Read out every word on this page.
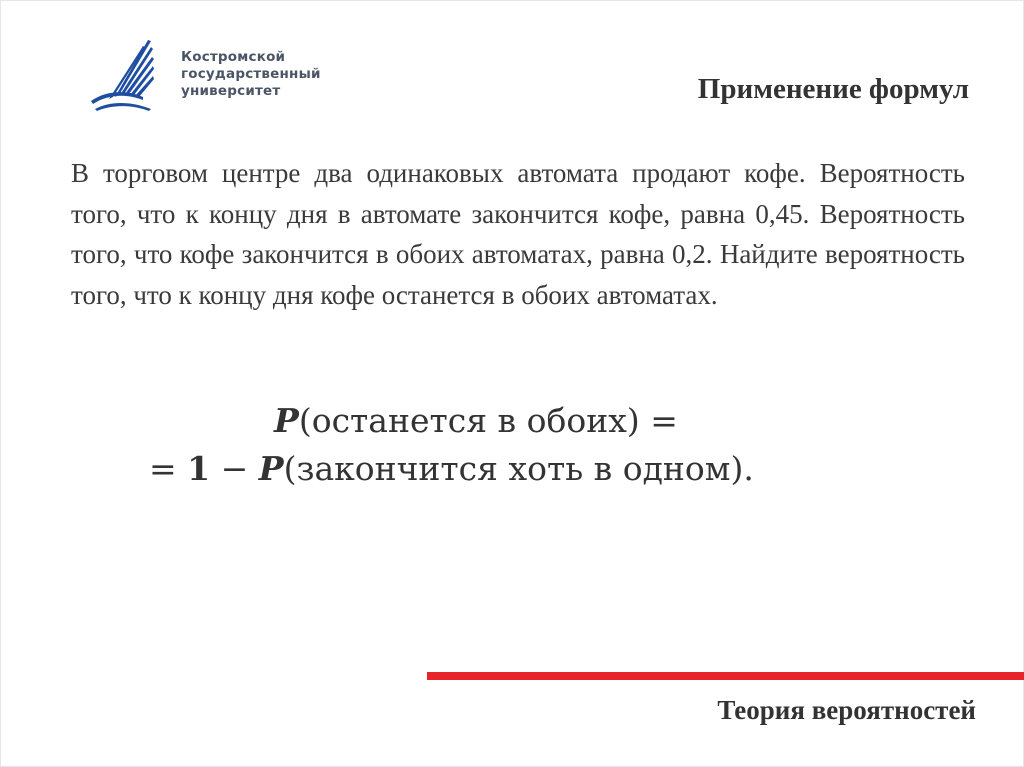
Костромской
государственный
университет	Применение формул

В торговом центре два одинаковых автомата продают кофе. Вероятность того, что к концу дня в автомате закончится кофе, равна 0,45. Вероятность того, что кофе закончится в обоих автоматах, равна 0,2. Найдите вероятность того, что к концу дня кофе останется в обоих автоматах.

P(останется в обоих) =
= 1 − P(закончится хоть в одном).
Теория вероятностей
